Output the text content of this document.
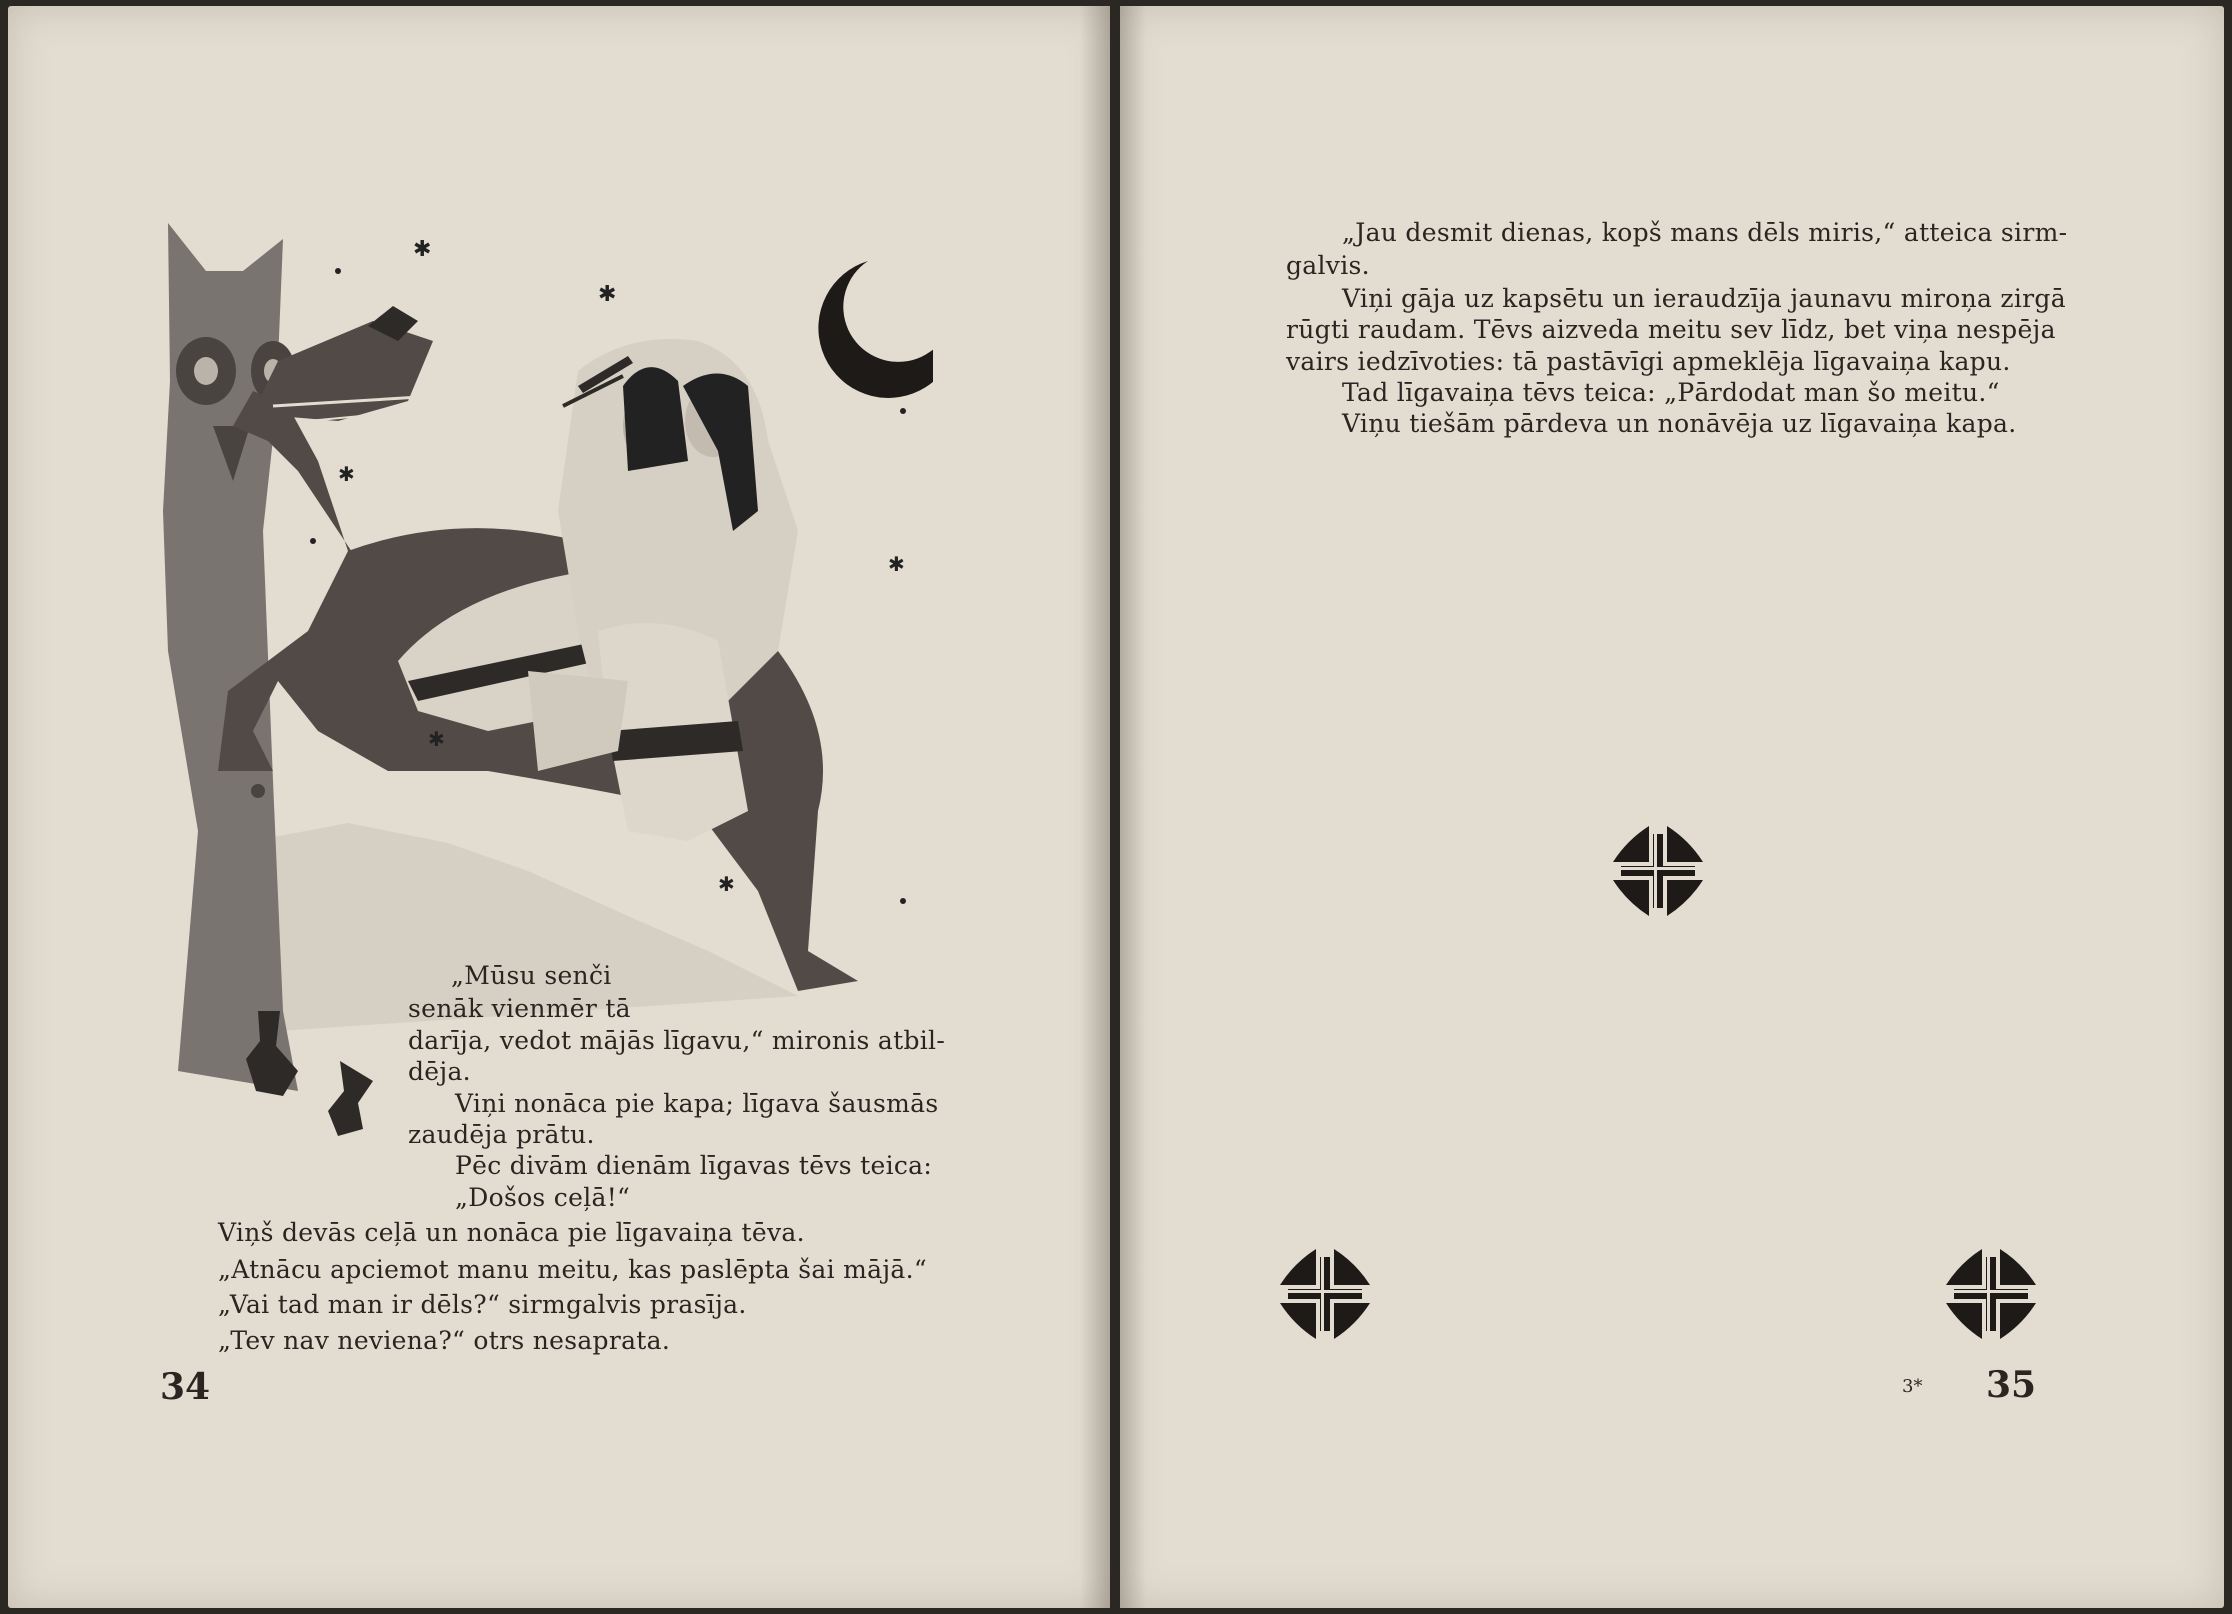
✱
✱
✱
✱
✱
✱
„Mūsu senči
senāk vienmēr tā
darīja, vedot mājās līgavu,“ mironis atbil-
dēja.
Viņi nonāca pie kapa; līgava šausmās
zaudēja prātu.
Pēc divām dienām līgavas tēvs teica:
„Došos ceļā!“
Viņš devās ceļā un nonāca pie līgavaiņa tēva.
„Atnācu apciemot manu meitu, kas paslēpta šai mājā.“
„Vai tad man ir dēls?“ sirmgalvis prasīja.
„Tev nav neviena?“ otrs nesaprata.
34
„Jau desmit dienas, kopš mans dēls miris,“ atteica sirm-
galvis.
Viņi gāja uz kapsētu un ieraudzīja jaunavu miroņa zirgā
rūgti raudam. Tēvs aizveda meitu sev līdz, bet viņa nespēja
vairs iedzīvoties: tā pastāvīgi apmeklēja līgavaiņa kapu.
Tad līgavaiņa tēvs teica: „Pārdodat man šo meitu.“
Viņu tiešām pārdeva un nonāvēja uz līgavaiņa kapa.
3* 35
